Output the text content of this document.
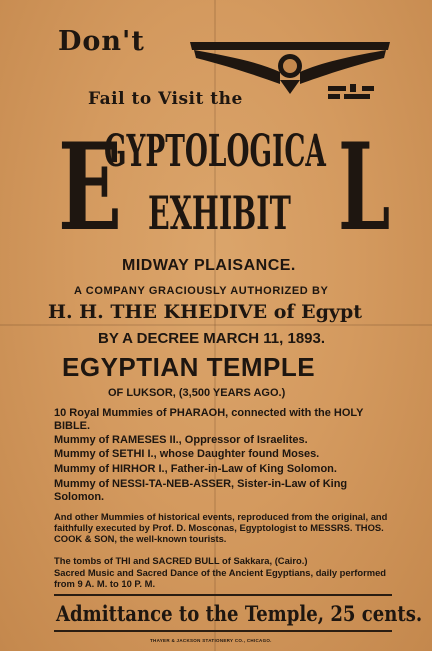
Don't
Fail to Visit the
E
GYPTOLOGICA L
EXHIBIT
MIDWAY PLAISANCE.
A COMPANY GRACIOUSLY AUTHORIZED BY
H. H. THE KHEDIVE of Egypt
BY A DECREE MARCH 11, 1893.
EGYPTIAN TEMPLE
OF LUKSOR, (3,500 YEARS AGO.)
10 Royal Mummies of PHARAOH, connected with the HOLY BIBLE.
Mummy of RAMESES II., Oppressor of Israelites.
Mummy of SETHI I., whose Daughter found Moses.
Mummy of HIRHOR I., Father-in-Law of King Solomon.
Mummy of NESSI-TA-NEB-ASSER, Sister-in-Law of King Solomon.
And other Mummies of historical events, reproduced from the original, and faithfully executed by Prof. D. Mosconas, Egyptologist to MESSRS. THOS. COOK & SON, the well-known tourists.
The tombs of THI and SACRED BULL of Sakkara, (Cairo.)
Sacred Music and Sacred Dance of the Ancient Egyptians, daily performed from 9 A. M. to 10 P. M.
Admittance to the Temple, 25 cents.
THAYER & JACKSON STATIONERY CO., CHICAGO.
